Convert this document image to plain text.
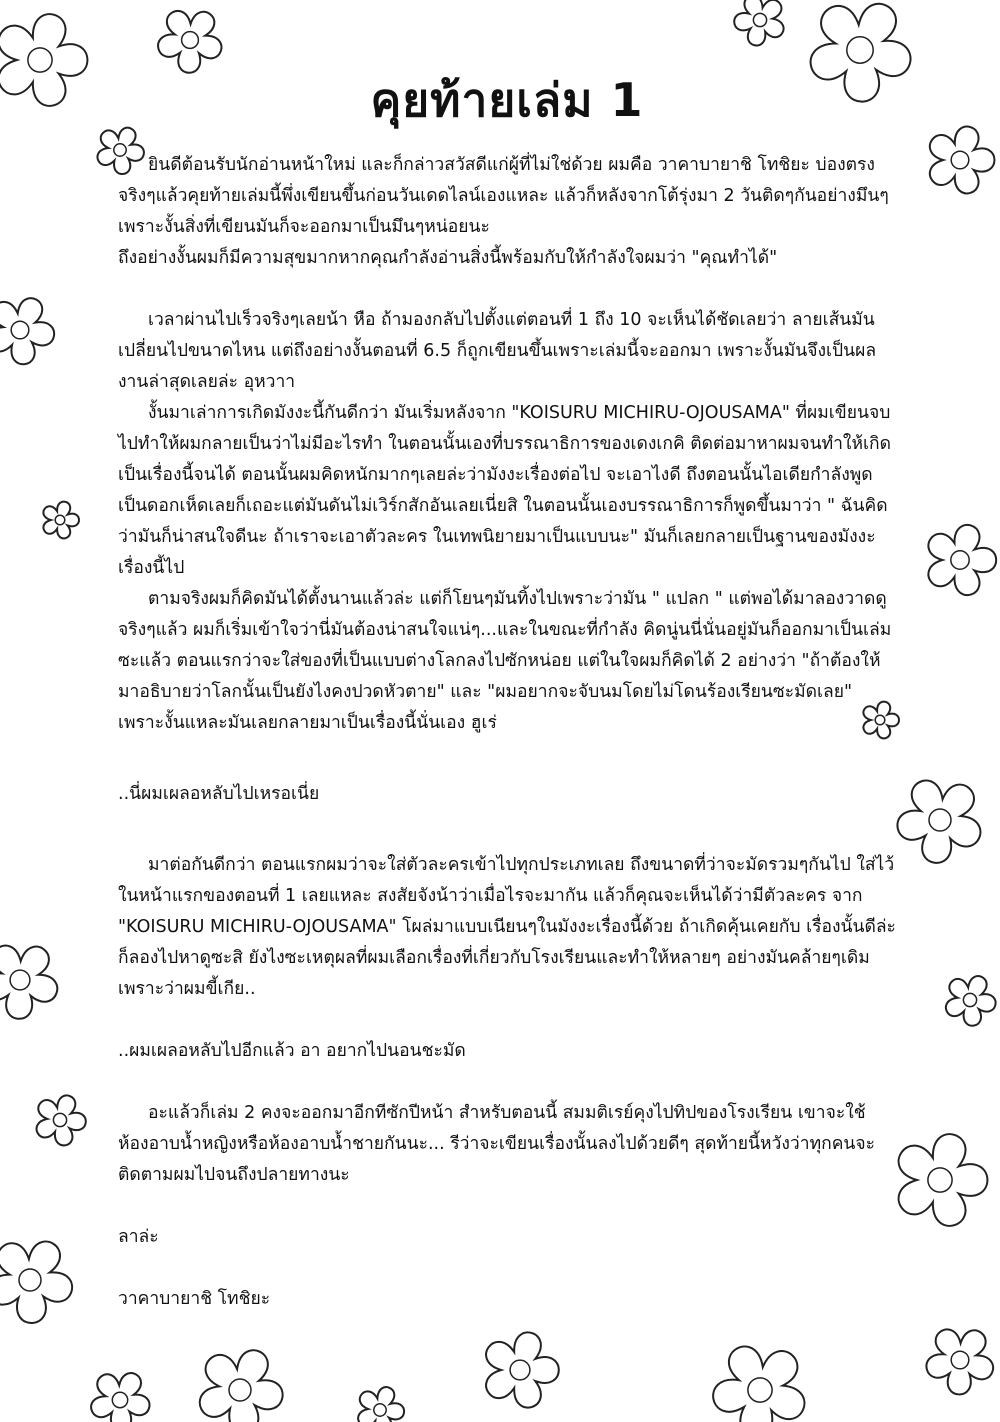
คุยท้ายเล่ม 1

ยินดีต้อนรับนักอ่านหน้าใหม่ และก็กล่าวสวัสดีแก่ผู้ที่ไม่ใช่ด้วย ผมคือ วาคาบายาชิ โทชิยะ บ่องตรงจริงๆแล้วคุยท้ายเล่มนี้พึ่งเขียนขึ้นก่อนวันเดดไลน์เองแหละ แล้วก็หลังจากโต้รุ่งมา 2 วันติดๆกันอย่างมึนๆ เพราะงั้นสิ่งที่เขียนมันก็จะออกมาเป็นมึนๆหน่อยนะ

ถึงอย่างงั้นผมก็มีความสุขมากหากคุณกำลังอ่านสิ่งนี้พร้อมกับให้กำลังใจผมว่า "คุณทำได้"

เวลาผ่านไปเร็วจริงๆเลยน้า หือ ถ้ามองกลับไปตั้งแต่ตอนที่ 1 ถึง 10 จะเห็นได้ชัดเลยว่า ลายเส้นมันเปลี่ยนไปขนาดไหน แต่ถึงอย่างงั้นตอนที่ 6.5 ก็ถูกเขียนขึ้นเพราะเล่มนี้จะออกมา เพราะงั้นมันจึงเป็นผลงานล่าสุดเลยล่ะ อุหวาา

งั้นมาเล่าการเกิดมังงะนี้กันดีกว่า มันเริ่มหลังจาก "KOISURU MICHIRU-OJOUSAMA" ที่ผมเขียนจบไปทำให้ผมกลายเป็นว่าไม่มีอะไรทำ ในตอนนั้นเองที่บรรณาธิการของเดงเกคิ ติดต่อมาหาผมจนทำให้เกิดเป็นเรื่องนี้จนได้ ตอนนั้นผมคิดหนักมากๆเลยล่ะว่ามังงะเรื่องต่อไป จะเอาไงดี ถึงตอนนั้นไอเดียกำลังพูดเป็นดอกเห็ดเลยก็เถอะแต่มันดันไม่เวิร์กสักอันเลยเนี่ยสิ ในตอนนั้นเองบรรณาธิการก็พูดขึ้นมาว่า " ฉันคิดว่ามันก็น่าสนใจดีนะ ถ้าเราจะเอาตัวละคร ในเทพนิยายมาเป็นแบบนะ" มันก็เลยกลายเป็นฐานของมังงะเรื่องนี้ไป

ตามจริงผมก็คิดมันได้ตั้งนานแล้วล่ะ แต่ก็โยนๆมันทิ้งไปเพราะว่ามัน " แปลก " แต่พอได้มาลองวาดดูจริงๆแล้ว ผมก็เริ่มเข้าใจว่านี่มันต้องน่าสนใจแน่ๆ...และในขณะที่กำลัง คิดนู่นนี่นั่นอยู่มันก็ออกมาเป็นเล่มซะแล้ว ตอนแรกว่าจะใส่ของที่เป็นแบบต่างโลกลงไปซักหน่อย แต่ในใจผมก็คิดได้ 2 อย่างว่า "ถ้าต้องให้มาอธิบายว่าโลกนั้นเป็นยังไงคงปวดหัวตาย" และ "ผมอยากจะจับนมโดยไม่โดนร้องเรียนซะมัดเลย" เพราะงั้นแหละมันเลยกลายมาเป็นเรื่องนี้นั่นเอง ฮูเร่

..นี่ผมเผลอหลับไปเหรอเนี่ย

มาต่อกันดีกว่า ตอนแรกผมว่าจะใส่ตัวละครเข้าไปทุกประเภทเลย ถึงขนาดที่ว่าจะมัดรวมๆกันไป ใส่ไว้ในหน้าแรกของตอนที่ 1 เลยแหละ สงสัยจังน้าว่าเมื่อไรจะมากัน แล้วก็คุณจะเห็นได้ว่ามีตัวละคร จาก "KOISURU MICHIRU-OJOUSAMA" โผล่มาแบบเนียนๆในมังงะเรื่องนี้ด้วย ถ้าเกิดคุ้นเคยกับ เรื่องนั้นดีล่ะก็ลองไปหาดูซะสิ ยังไงซะเหตุผลที่ผมเลือกเรื่องที่เกี่ยวกับโรงเรียนและทำให้หลายๆ อย่างมันคล้ายๆเดิมเพราะว่าผมขี้เกีย..

..ผมเผลอหลับไปอีกแล้ว อา อยากไปนอนชะมัด

อะแล้วก็เล่ม 2 คงจะออกมาอีกทีซักปีหน้า สำหรับตอนนี้ สมมติเรย์คุงไปทิปของโรงเรียน เขาจะใช้ห้องอาบน้ำหญิงหรือห้องอาบน้ำชายกันนะ... รีว่าจะเขียนเรื่องนั้นลงไปด้วยดีๆ สุดท้ายนี้หวังว่าทุกคนจะติดตามผมไปจนถึงปลายทางนะ

ลาล่ะ

วาคาบายาชิ โทชิยะ
